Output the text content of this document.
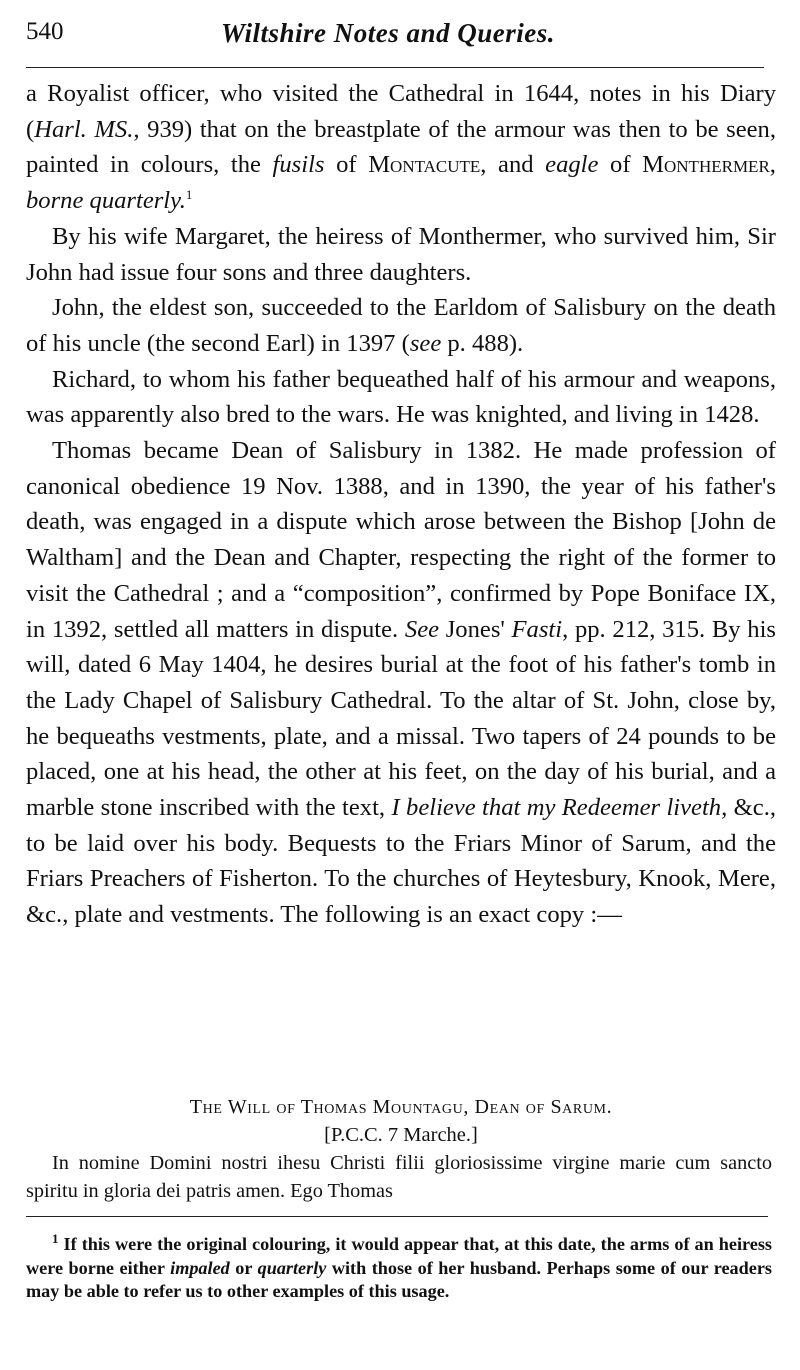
540	Wiltshire Notes and Queries.

a Royalist officer, who visited the Cathedral in 1644, notes in his Diary (Harl. MS., 939) that on the breastplate of the armour was then to be seen, painted in colours, the fusils of Montacute, and eagle of Monthermer, borne quarterly.$^1$

By his wife Margaret, the heiress of Monthermer, who survived him, Sir John had issue four sons and three daughters.

John, the eldest son, succeeded to the Earldom of Salisbury on the death of his uncle (the second Earl) in 1397 (see p. 488).

Richard, to whom his father bequeathed half of his armour and weapons, was apparently also bred to the wars. He was knighted, and living in 1428.

Thomas became Dean of Salisbury in 1382. He made profession of canonical obedience 19 Nov. 1388, and in 1390, the year of his father's death, was engaged in a dispute which arose between the Bishop [John de Waltham] and the Dean and Chapter, respecting the right of the former to visit the Cathedral ; and a “composition”, confirmed by Pope Boniface IX, in 1392, settled all matters in dispute. See Jones' Fasti, pp. 212, 315. By his will, dated 6 May 1404, he desires burial at the foot of his father's tomb in the Lady Chapel of Salisbury Cathedral. To the altar of St. John, close by, he bequeaths vestments, plate, and a missal. Two tapers of 24 pounds to be placed, one at his head, the other at his feet, on the day of his burial, and a marble stone inscribed with the text, I believe that my Redeemer liveth, &c., to be laid over his body. Bequests to the Friars Minor of Sarum, and the Friars Preachers of Fisherton. To the churches of Heytesbury, Knook, Mere, &c., plate and vestments. The following is an exact copy :—

The Will of Thomas Mountagu, Dean of Sarum.
[P.C.C. 7 Marche.]

In nomine Domini nostri ihesu Christi filii gloriosissime virgine marie cum sancto spiritu in gloria dei patris amen. Ego Thomas

$^1$ If this were the original colouring, it would appear that, at this date, the arms of an heiress were borne either impaled or quarterly with those of her husband. Perhaps some of our readers may be able to refer us to other examples of this usage.
